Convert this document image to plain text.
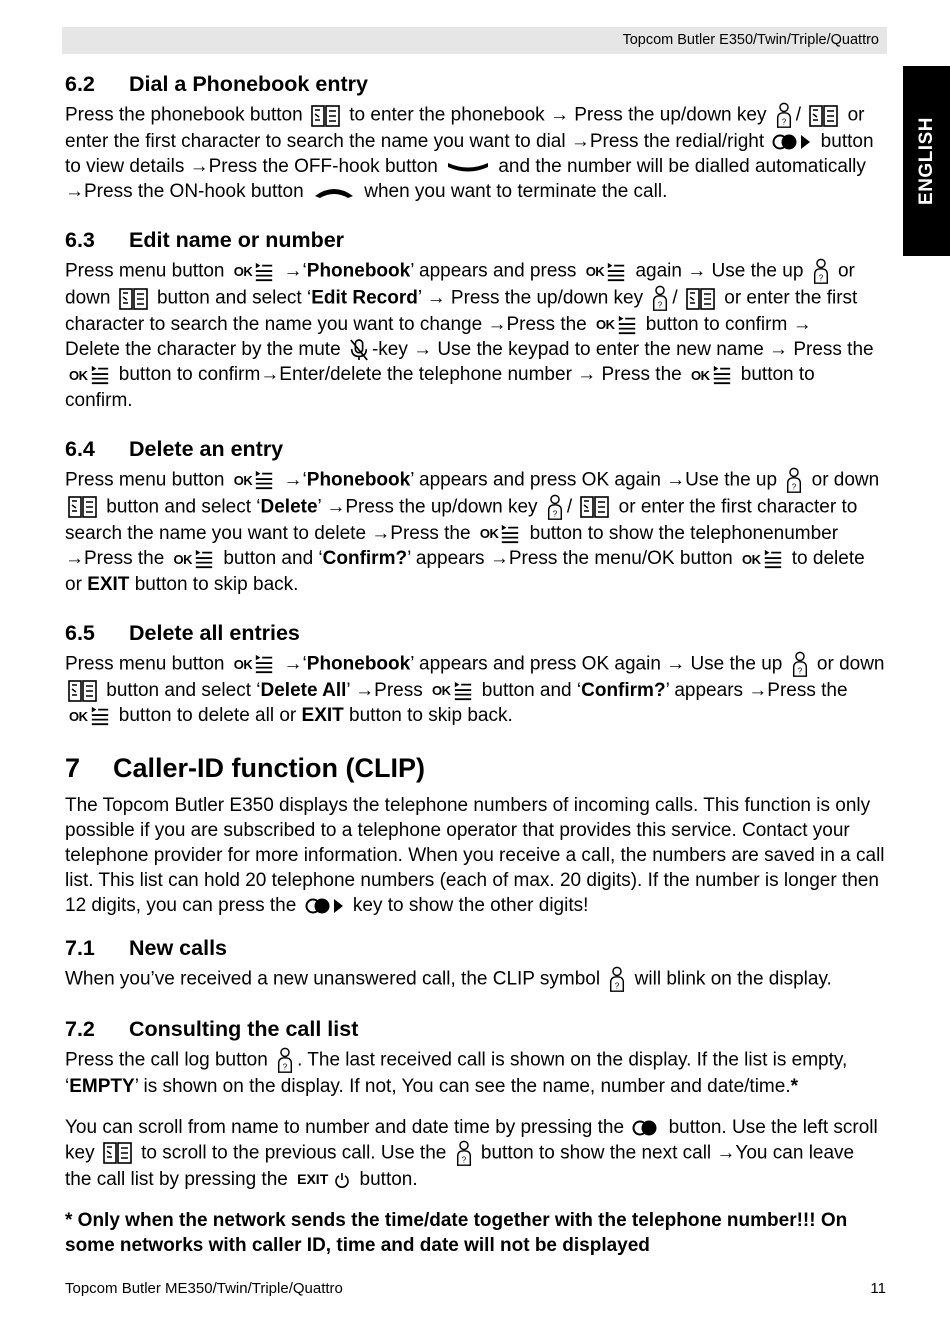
Topcom Butler E350/Twin/Triple/Quattro
ENGLISH
6.2 Dial a Phonebook entry

Press the phonebook button  to enter the phonebook → Press the up/down key /  or enter the first character to search the name you want to dial →Press the redial/right  button to view details →Press the OFF-hook button	and the number will be dialled automatically →Press the ON-hook button	when you want to terminate the call.

6.3 Edit name or number

Press menu button OK →‘Phonebook’ appears and press OK again → Use the up  or down  button and select ‘Edit Record’ → Press the up/down key /  or enter the first character to search the name you want to change →Press the OK button to confirm →        Delete the character by the mute -key → Use the keypad to enter the new name → Press the
OK button to confirm→Enter/delete the telephone number → Press the OK button to confirm.

6.4 Delete an entry

Press menu button OK →‘Phonebook’ appears and press OK again →Use the up  or down  button and select ‘Delete’ →Press the up/down key /  or enter the first character to search the name you want to delete →Press the OK button to show the telephonenumber →Press the OK button and ‘Confirm?’ appears →Press the menu/OK button OK to delete or EXIT button to skip back.

6.5 Delete all entries

Press menu button OK →‘Phonebook’ appears and press OK again → Use the up  or down  button and select ‘Delete All’ →Press OK button and ‘Confirm?’ appears →Press the
OK button to delete all or EXIT button to skip back.

7 Caller-ID function (CLIP)

The Topcom Butler E350 displays the telephone numbers of incoming calls. This function is only possible if you are subscribed to a telephone operator that provides this service. Contact your telephone provider for more information. When you receive a call, the numbers are saved in a call list. This list can hold 20 telephone numbers (each of max. 20 digits). If the number is longer then 12 digits, you can press the	key to show the other digits!

7.1 New calls

When you’ve received a new unanswered call, the CLIP symbol will blink on the display.

7.2 Consulting the call list

Press the call log button . The last received call is shown on the display. If the list is empty, ‘EMPTY’ is shown on the display. If not, You can see the name, number and date/time.*

You can scroll from name to number and date time by pressing the  button. Use the left scroll key  to scroll to the previous call. Use the  button to show the next call →You can leave the call list by pressing the EXIT button.

* Only when the network sends the time/date together with the telephone number!!! On some networks with caller ID, time and date will not be displayed
Topcom Butler ME350/Twin/Triple/Quattro	11
